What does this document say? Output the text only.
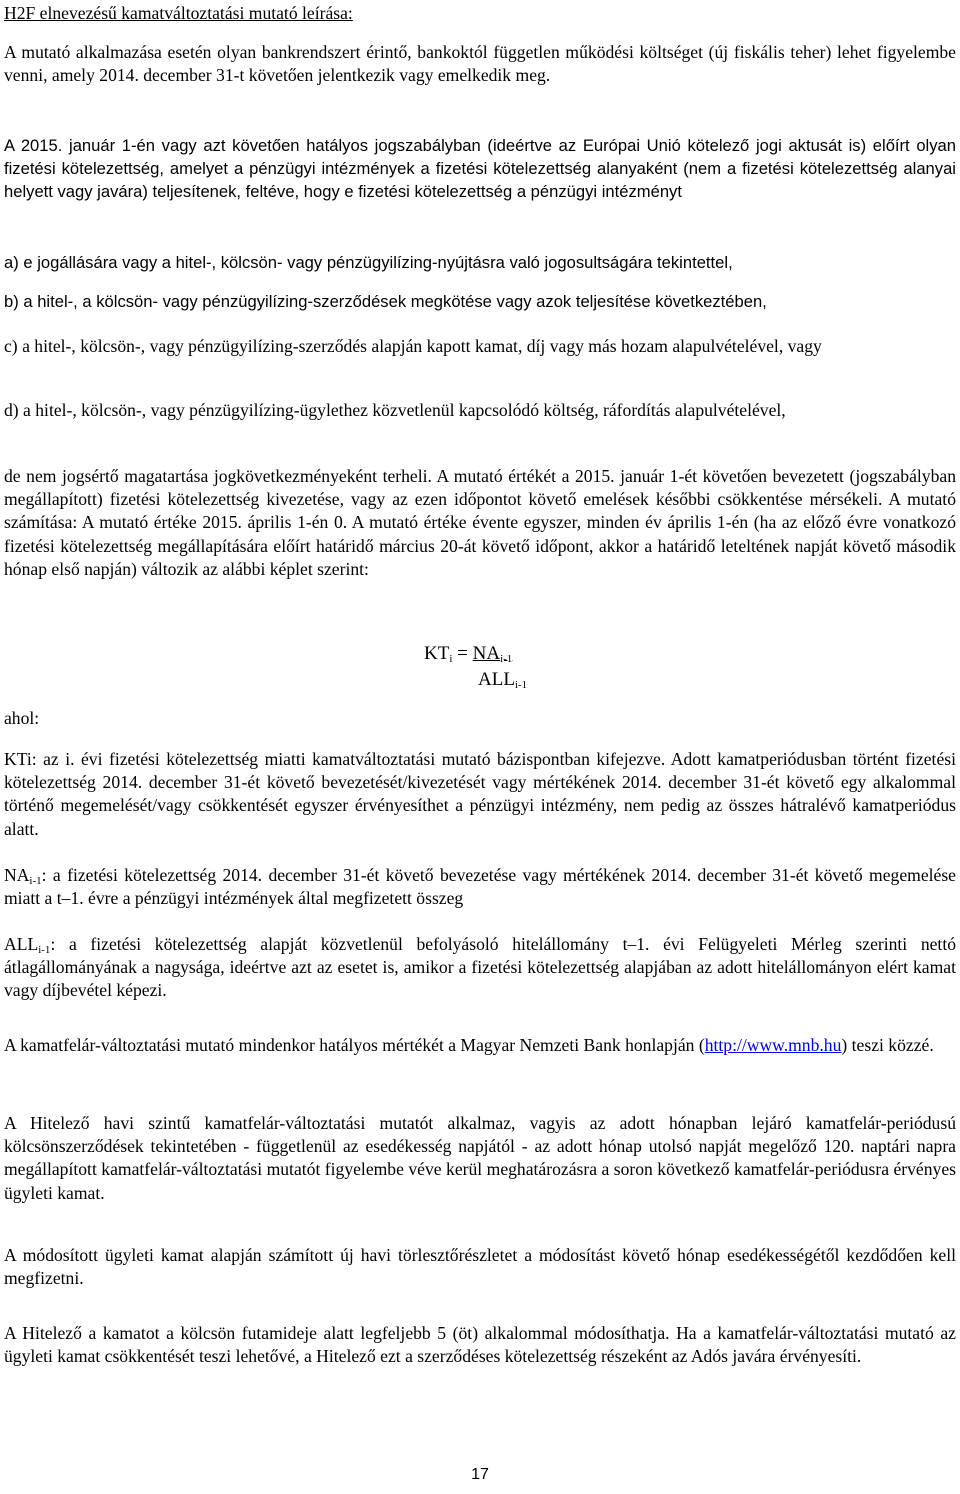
H2F elnevezésű kamatváltoztatási mutató leírása:

A mutató alkalmazása esetén olyan bankrendszert érintő, bankoktól független működési költséget (új fiskális teher) lehet figyelembe venni, amely 2014. december 31-t követően jelentkezik vagy emelkedik meg.

A 2015. január 1-én vagy azt követően hatályos jogszabályban (ideértve az Európai Unió kötelező jogi aktusát is) előírt olyan fizetési kötelezettség, amelyet a pénzügyi intézmények a fizetési kötelezettség alanyaként (nem a fizetési kötelezettség alanyai helyett vagy javára) teljesítenek, feltéve, hogy e fizetési kötelezettség a pénzügyi intézményt

a) e jogállására vagy a hitel-, kölcsön- vagy pénzügyilízing-nyújtásra való jogosultságára tekintettel,

b) a hitel-, a kölcsön- vagy pénzügyilízing-szerződések megkötése vagy azok teljesítése következtében,

c) a hitel-, kölcsön-, vagy pénzügyilízing-szerződés alapján kapott kamat, díj vagy más hozam alapulvételével, vagy

d) a hitel-, kölcsön-, vagy pénzügyilízing-ügylethez közvetlenül kapcsolódó költség, ráfordítás alapulvételével,

de nem jogsértő magatartása jogkövetkezményeként terheli. A mutató értékét a 2015. január 1-ét követően bevezetett (jogszabályban megállapított) fizetési kötelezettség kivezetése, vagy az ezen időpontot követő emelések későbbi csökkentése mérsékeli. A mutató számítása: A mutató értéke 2015. április 1-én 0. A mutató értéke évente egyszer, minden év április 1-én (ha az előző évre vonatkozó fizetési kötelezettség megállapítására előírt határidő március 20-át követő időpont, akkor a határidő leteltének napját követő második hónap első napján) változik az alábbi képlet szerint:

$KT_i = NA_{i-1}$
$ALL_{i-1}$

ahol:

KTi: az i. évi fizetési kötelezettség miatti kamatváltoztatási mutató bázispontban kifejezve. Adott kamatperiódusban történt fizetési kötelezettség 2014. december 31-ét követő bevezetését/kivezetését vagy mértékének 2014. december 31-ét követő egy alkalommal történő megemelését/vagy csökkentését egyszer érvényesíthet a pénzügyi intézmény, nem pedig az összes hátralévő kamatperiódus alatt.

$NA_{i-1}$: a fizetési kötelezettség 2014. december 31-ét követő bevezetése vagy mértékének 2014. december 31-ét követő megemelése miatt a t–1. évre a pénzügyi intézmények által megfizetett összeg

$ALL_{i-1}$: a fizetési kötelezettség alapját közvetlenül befolyásoló hitelállomány t–1. évi Felügyeleti Mérleg szerinti nettó átlagállományának a nagysága, ideértve azt az esetet is, amikor a fizetési kötelezettség alapjában az adott hitelállományon elért kamat vagy díjbevétel képezi.

A kamatfelár-változtatási mutató mindenkor hatályos mértékét a Magyar Nemzeti Bank honlapján (http://www.mnb.hu) teszi közzé.

A Hitelező havi szintű kamatfelár-változtatási mutatót alkalmaz, vagyis az adott hónapban lejáró kamatfelár-periódusú kölcsönszerződések tekintetében - függetlenül az esedékesség napjától - az adott hónap utolsó napját megelőző 120. naptári napra megállapított kamatfelár-változtatási mutatót figyelembe véve kerül meghatározásra a soron következő kamatfelár-periódusra érvényes ügyleti kamat.

A módosított ügyleti kamat alapján számított új havi törlesztőrészletet a módosítást követő hónap esedékességétől kezdődően kell megfizetni.

A Hitelező a kamatot a kölcsön futamideje alatt legfeljebb 5 (öt) alkalommal módosíthatja. Ha a kamatfelár-változtatási mutató az ügyleti kamat csökkentését teszi lehetővé, a Hitelező ezt a szerződéses kötelezettség részeként az Adós javára érvényesíti.

17
